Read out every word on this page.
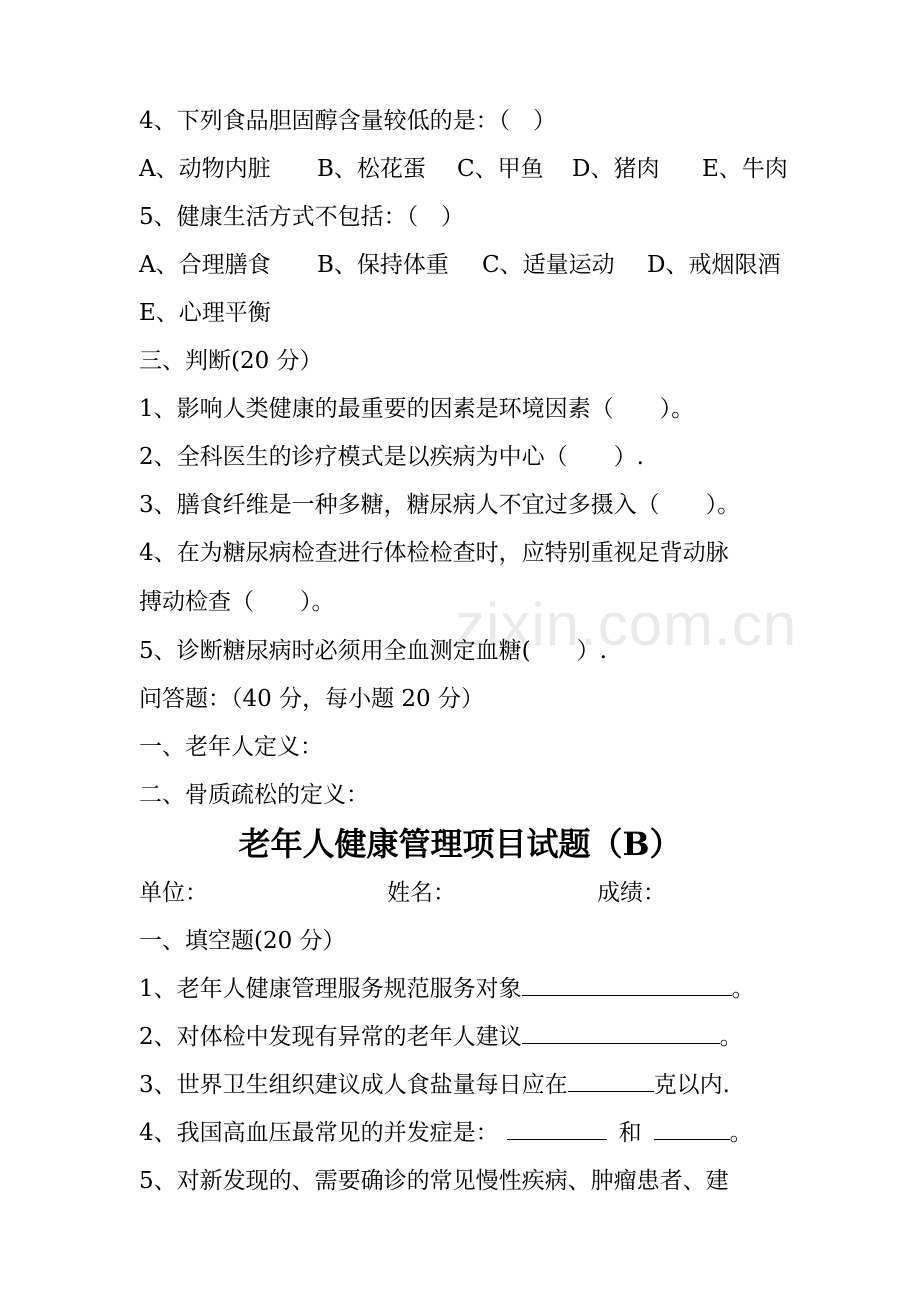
zixin.com.cn
4、下列食品胆固醇含量较低的是：（　）
A、动物内脏 B、松花蛋 C、甲鱼 D、猪肉 E、牛肉
5、健康生活方式不包括：（　）
A、合理膳食 B、保持体重 C、适量运动 D、戒烟限酒
E、心理平衡
三、判断(20 分）
1、影响人类健康的最重要的因素是环境因素（　　）。
2、全科医生的诊疗模式是以疾病为中心（　　）.
3、膳食纤维是一种多糖，糖尿病人不宜过多摄入（　　）。
4、在为糖尿病检查进行体检检查时，应特别重视足背动脉
搏动检查（　　）。
5、诊断糖尿病时必须用全血测定血糖(　　）.
问答题：（40 分，每小题 20 分）
一、老年人定义：
二、骨质疏松的定义：
老年人健康管理项目试题（B）
单位：	姓名：	成绩：
一、填空题(20 分）
1、老年人健康管理服务规范服务对象	。
2、对体检中发现有异常的老年人建议	。
3、世界卫生组织建议成人食盐量每日应在	克以内.
4、我国高血压最常见的并发症是：	和	。
5、对新发现的、需要确诊的常见慢性疾病、肿瘤患者、建
